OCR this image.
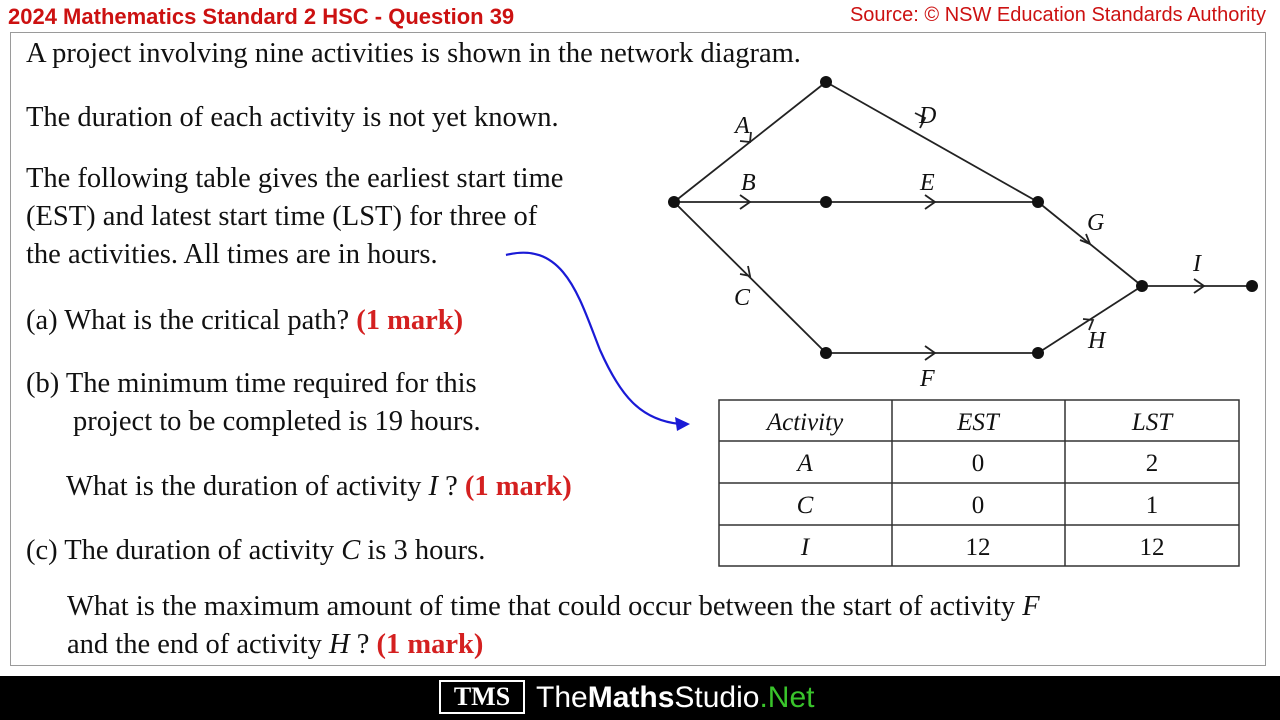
2024 Mathematics Standard 2 HSC - Question 39	Source: © NSW Education Standards Authority
A project involving nine activities is shown in the network diagram.
The duration of each activity is not yet known.
The following table gives the earliest start time
(EST) and latest start time (LST) for three of
the activities. All times are in hours.
(a) What is the critical path? (1 mark)
(b) The minimum time required for this
project to be completed is 19 hours.
What is the duration of activity I ? (1 mark)
(c) The duration of activity C is 3 hours.
What is the maximum amount of time that could occur between the start of activity F
and the end of activity H ? (1 mark)
A
B
C
D
E
F
G
H
I
Activity	EST	LST
A	0	2
C	0	1
I	12	12
TMS TheMathsStudio.Net
